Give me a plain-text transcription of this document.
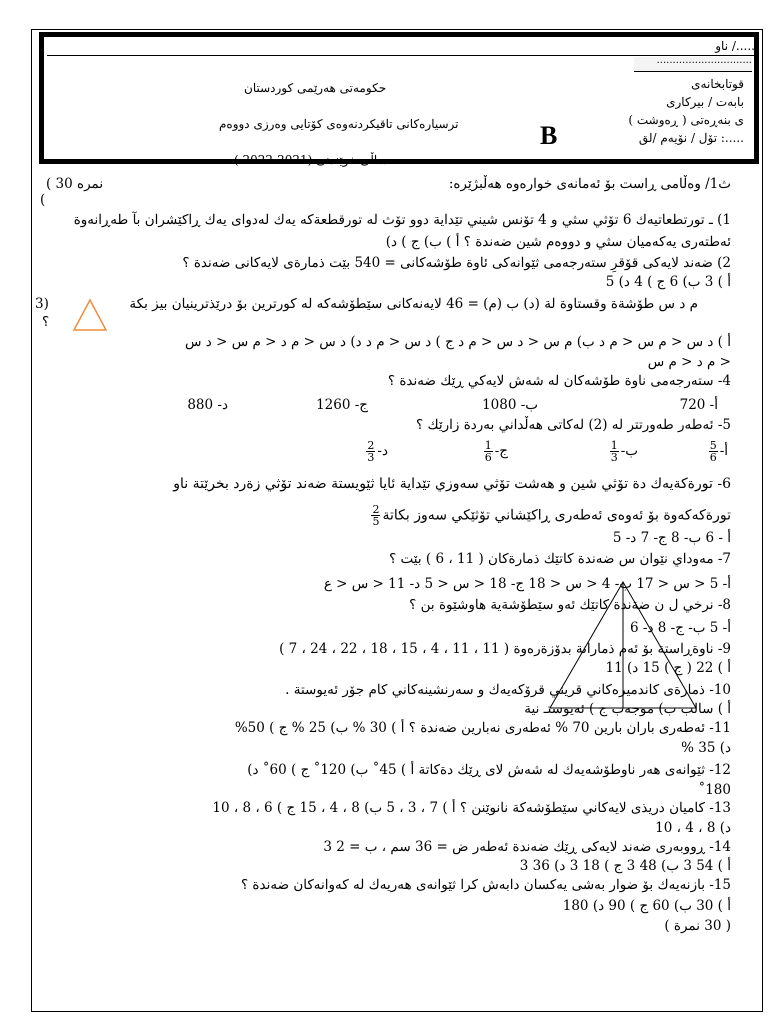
ناو /.....
..............................
قوتابخانەی
بابەت / بیرکاری
( ڕەوشت ) ی بنەڕەتی
تۆل / نۆیەم /لق :.....
حکومەتی هەرێمی کوردستان
ترسیارەکانی تاقیکردنەوەی کۆتایی وەرزی دووەم
ساڵی خوێندنی (2021-2022 )
B
ث1/ وەڵامی ڕاست بۆ ئەمانەی خوارەوە هەڵبژێرە:
( 30 نمرە
)
1) ـ تورتطعاتیەك 6 تۆثي سثي و 4 تۆنس شيني تێداية دوو تۆث لە تورقطعةكە يەك لەدواى يەك ڕاكێشران بآ طەڕانەوة
ئەطتەرى يەكەميان سثي و دووەم شين ضەندة ؟ أ ) ب) ج ) د)
2) ضەند لايەكى قۆقرِ ستەرجەمى ثێوانەكى ئاوة طۆشەكانى = 540 بێت ذمارةى لايەكانى ضەندة ؟
أ ) 3 ب) 6 ج ) 4 د) 5
(3	م د س طۆشةة وقستاوة لة (د) ب (م) = 46 لايەنەكانى سێطۆشەكە لە كورترين بۆ درێذترينيان بيز بكة
؟
أ ) د س < م س < م د ب) م س < د س < م د ج ) د س < م د د) د س < م د < م س < د س
< م د < م س
4- ستەرجەمى ناوة طۆشەكان لە شەش لايەكي ڕێك ضەندة ؟
أ- 720
ب- 1080
ج- 1260
د- 880
5- ئەطەر طەورتتر لە (2) لەكاتى هەڵداني بەردة زارێك ؟
أ-
$\frac{5}{6}$
ب-
$\frac{1}{3}$
ج-
$\frac{1}{6}$
د-
$\frac{2}{3}$
6- تورةكةيەك دة تۆثي شين و هەشت تۆثي سەوزي تێداية ئايا ثێويستة ضەند تۆثي زةرد بخرێتة ناو
تورةكەكەوة بۆ ئەوەى ئەطەرى ڕاكێشاني تۆثێكي سەوز بكاتة
$\frac{2}{5}$
أ - 6 ب- 8 ج- 7 د- 5
7- مەوداي نێوان س ضەندة كاتێك ذمارةكان ( 11 ، 6 ) بێت ؟
أ- 5 < س < 17 ب- 4 < س < 18 ج- 18 < س < 5 د- 11 < س < ع
8- نرخي ل ن ضةندة كاتێك ئەو سێطۆشةية هاوشێوة بن ؟
أ- 5 ب- ج- 8 د- 6
9- ناوةڕاستة بۆ ئەم ذمارانة بدۆزةرەوة ( 11 ، 11 ، 4 ، 15 ، 18 ، 22 ، 24 ، 7 )
أ ) 22 ( ج ) 15 د) 11
10- ذمارةى كاندميرەكاني قريني قرۆكەيەك و سەرنشينەكاني كام جۆر ئەيوستة .
أ ) سالب ب) موجەب ج ) ئەيوستـ نية
11- ئەطەرى باران بارين 70 % ئەطەرى نەبارين ضەندة ؟ أ ) 30 % ب) 25 % ج ) 50%
د) 35 %
12- ثێوانەى هەر ناوطۆشەيەك لە شەش لاى ڕێك دةكاتة أ ) 45˚ ب) 120˚ ج ) 60˚ د)
180˚
13- كاميان دريذى لايەكاني سێطۆشەكة نانوێنن ؟ أ ) 7 ، 3 ، 5 ب) 8 ، 4 ، 15 ج ) 6 ، 8 ، 10
د) 8 ، 4 ، 10
14- ڕووبەرى ضەند لايەكى ڕێك ضەندة ئەطەر ض = 36 سم ، ب = 2 3
أ ) 54 3 ب) 48 3 ج ) 18 3 د) 36 3
15- بازنەيەك بۆ ضوار بەشى يەكسان دابەش كرا ثێوانەى هەريەك لە كەوانەكان ضەندة ؟
أ ) 30 ب) 60 ج ) 90 د) 180
( 30 نمرة )
